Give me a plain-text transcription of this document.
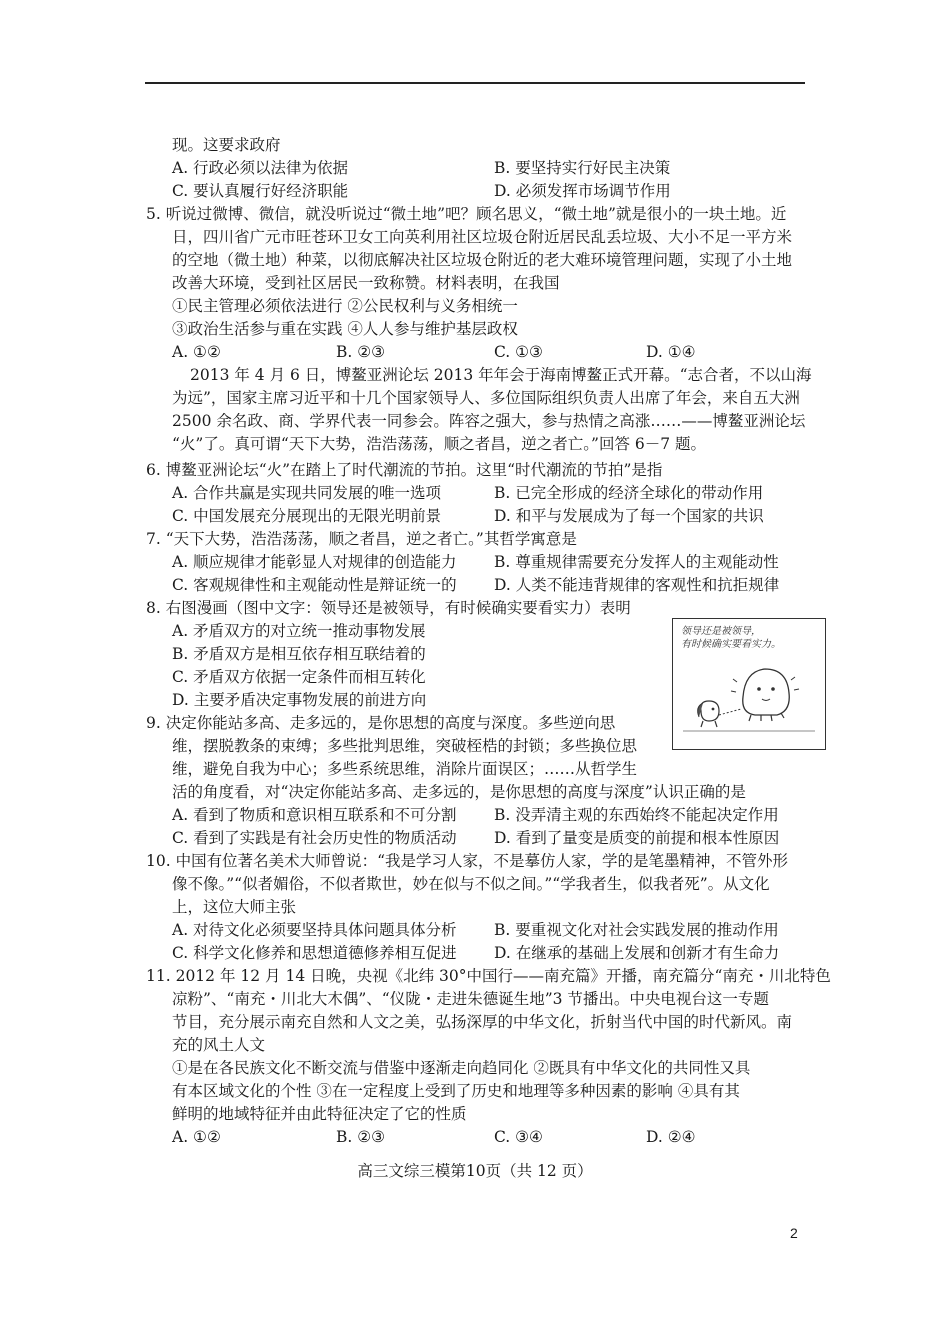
现。这要求政府
A. 行政必须以法律为依据	B. 要坚持实行好民主决策
C. 要认真履行好经济职能	D. 必须发挥市场调节作用
5. 听说过微博、微信，就没听说过“微土地”吧？顾名思义，“微土地”就是很小的一块土地。近
日，四川省广元市旺苍环卫女工向英利用社区垃圾仓附近居民乱丢垃圾、大小不足一平方米
的空地（微土地）种菜，以彻底解决社区垃圾仓附近的老大难环境管理问题，实现了小土地
改善大环境，受到社区居民一致称赞。材料表明，在我国
①民主管理必须依法进行 ②公民权利与义务相统一
③政治生活参与重在实践 ④人人参与维护基层政权
A. ①②	B. ②③	C. ①③	D. ①④
2013 年 4 月 6 日，博鳌亚洲论坛 2013 年年会于海南博鳌正式开幕。“志合者，不以山海
为远”，国家主席习近平和十几个国家领导人、多位国际组织负责人出席了年会，来自五大洲
2500 余名政、商、学界代表一同参会。阵容之强大，参与热情之高涨……——博鳌亚洲论坛
“火”了。真可谓“天下大势，浩浩荡荡，顺之者昌，逆之者亡。”回答 6－7 题。
6. 博鳌亚洲论坛“火”在踏上了时代潮流的节拍。这里“时代潮流的节拍”是指
A. 合作共赢是实现共同发展的唯一选项	B. 已完全形成的经济全球化的带动作用
C. 中国发展充分展现出的无限光明前景	D. 和平与发展成为了每一个国家的共识
7. “天下大势，浩浩荡荡，顺之者昌，逆之者亡。”其哲学寓意是
A. 顺应规律才能彰显人对规律的创造能力 B. 尊重规律需要充分发挥人的主观能动性
C. 客观规律性和主观能动性是辩证统一的 D. 人类不能违背规律的客观性和抗拒规律
8. 右图漫画（图中文字：领导还是被领导，有时候确实要看实力）表明
A. 矛盾双方的对立统一推动事物发展
B. 矛盾双方是相互依存相互联结着的
C. 矛盾双方依据一定条件而相互转化
D. 主要矛盾决定事物发展的前进方向
领导还是被领导，
有时候确实要看实力。
9. 决定你能站多高、走多远的，是你思想的高度与深度。多些逆向思
维，摆脱教条的束缚；多些批判思维，突破桎梏的封锁；多些换位思
维，避免自我为中心；多些系统思维，消除片面误区；……从哲学生
活的角度看，对“决定你能站多高、走多远的，是你思想的高度与深度”认识正确的是
A. 看到了物质和意识相互联系和不可分割 B. 没弄清主观的东西始终不能起决定作用
C. 看到了实践是有社会历史性的物质活动 D. 看到了量变是质变的前提和根本性原因
10. 中国有位著名美术大师曾说：“我是学习人家，不是摹仿人家，学的是笔墨精神，不管外形
像不像。”“似者媚俗，不似者欺世，妙在似与不似之间。”“学我者生，似我者死”。从文化
上，这位大师主张
A. 对待文化必须要坚持具体问题具体分析 B. 要重视文化对社会实践发展的推动作用
C. 科学文化修养和思想道德修养相互促进 D. 在继承的基础上发展和创新才有生命力
11. 2012 年 12 月 14 日晚，央视《北纬 30°中国行——南充篇》开播，南充篇分“南充・川北特色
凉粉”、“南充・川北大木偶”、“仪陇・走进朱德诞生地”3 节播出。中央电视台这一专题
节目，充分展示南充自然和人文之美，弘扬深厚的中华文化，折射当代中国的时代新风。南
充的风土人文
①是在各民族文化不断交流与借鉴中逐渐走向趋同化 ②既具有中华文化的共同性又具
有本区域文化的个性 ③在一定程度上受到了历史和地理等多种因素的影响 ④具有其
鲜明的地域特征并由此特征决定了它的性质
A. ①②	B. ②③	C. ③④	D. ②④
高三文综三模第10页（共 12 页）
2
